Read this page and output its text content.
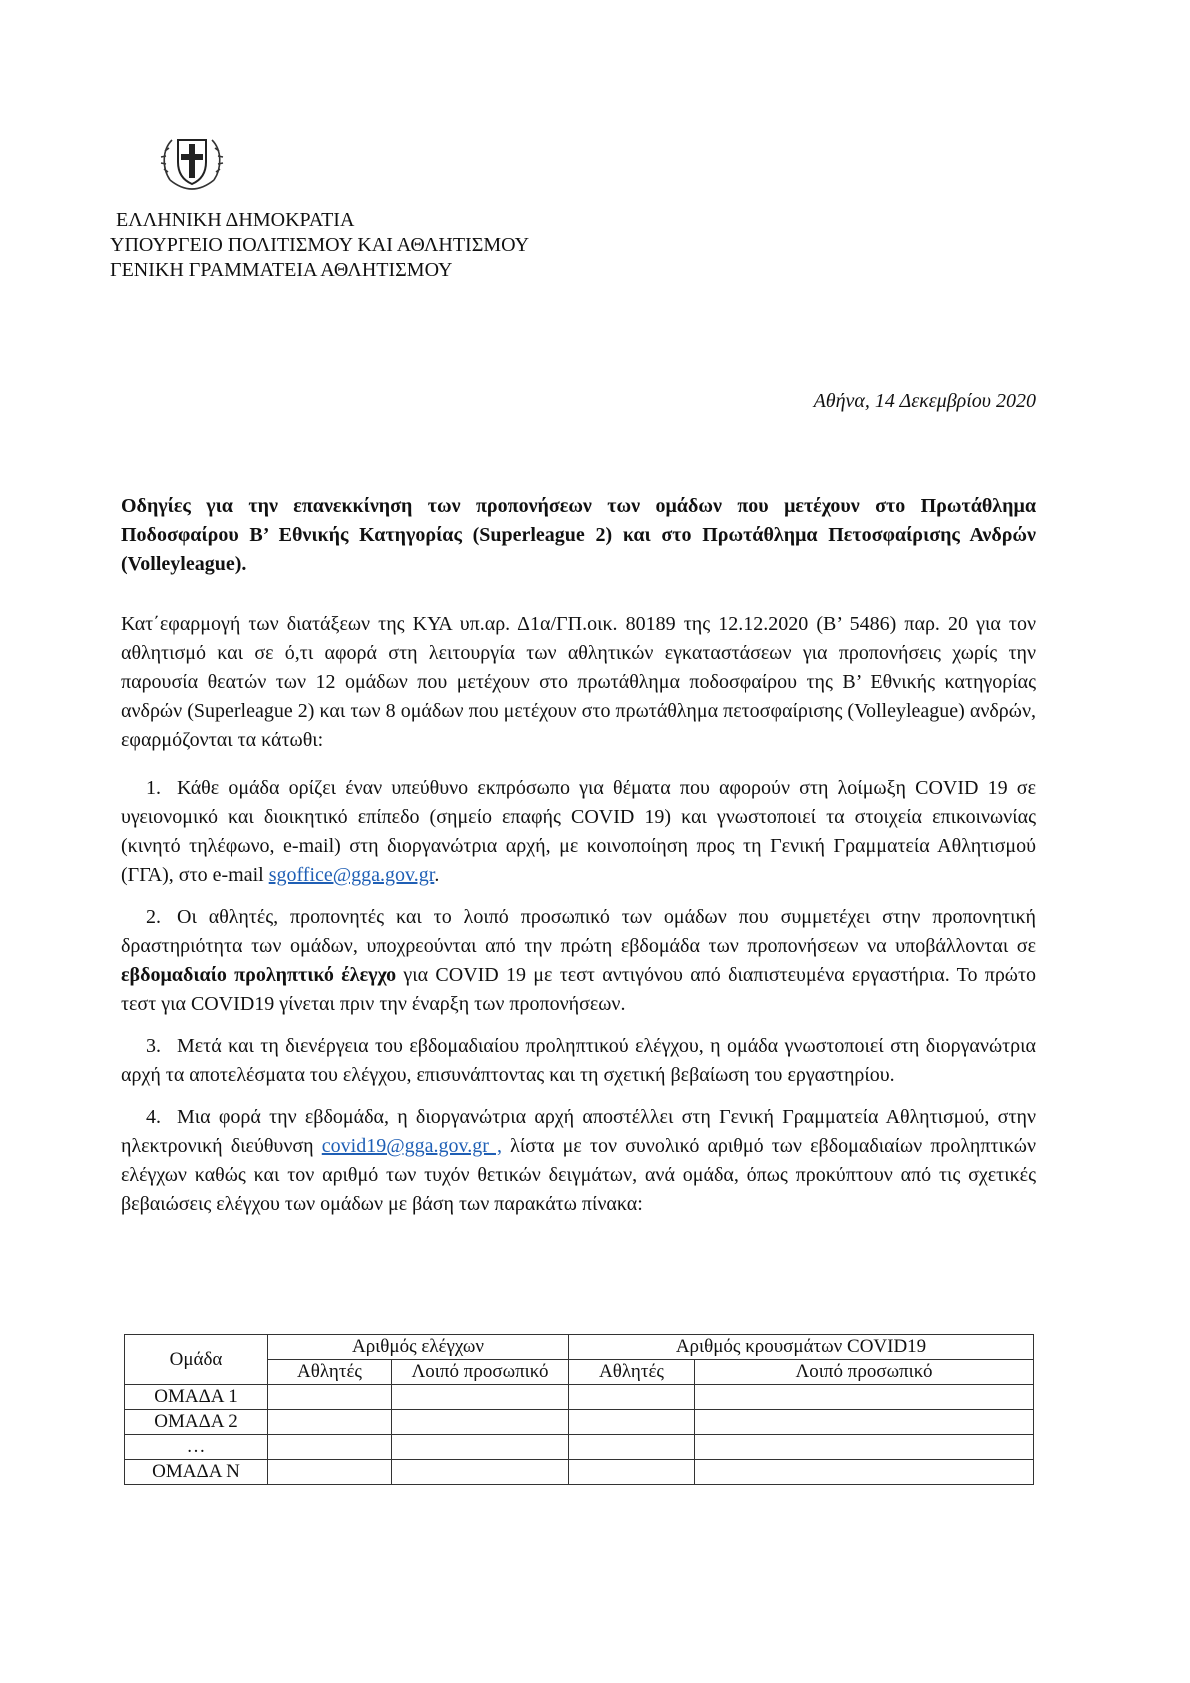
ΕΛΛΗΝΙΚΗ ΔΗΜΟΚΡΑΤΙΑ
ΥΠΟΥΡΓΕΙΟ ΠΟΛΙΤΙΣΜΟΥ ΚΑΙ ΑΘΛΗΤΙΣΜΟΥ
ΓΕΝΙΚΗ ΓΡΑΜΜΑΤΕΙΑ ΑΘΛΗΤΙΣΜΟΥ
Αθήνα, 14 Δεκεμβρίου 2020
Οδηγίες για την επανεκκίνηση των προπονήσεων των ομάδων που μετέχουν στο Πρωτάθλημα Ποδοσφαίρου Β’ Εθνικής Κατηγορίας (Superleague 2) και στο Πρωτάθλημα Πετοσφαίρισης Ανδρών (Volleyleague).
Κατ΄εφαρμογή των διατάξεων της ΚΥΑ υπ.αρ. Δ1α/ΓΠ.οικ. 80189 της 12.12.2020 (Β’ 5486) παρ. 20 για τον αθλητισμό και σε ό,τι αφορά στη λειτουργία των αθλητικών εγκαταστάσεων για προπονήσεις χωρίς την παρουσία θεατών των 12 ομάδων που μετέχουν στο πρωτάθλημα ποδοσφαίρου της Β’ Εθνικής κατηγορίας ανδρών (Superleague 2) και των 8 ομάδων που μετέχουν στο πρωτάθλημα πετοσφαίρισης (Volleyleague) ανδρών, εφαρμόζονται τα κάτωθι:
1. Κάθε ομάδα ορίζει έναν υπεύθυνο εκπρόσωπο για θέματα που αφορούν στη λοίμωξη COVID 19 σε υγειονομικό και διοικητικό επίπεδο (σημείο επαφής COVID 19) και γνωστοποιεί τα στοιχεία επικοινωνίας (κινητό τηλέφωνο, e-mail) στη διοργανώτρια αρχή, με κοινοποίηση προς τη Γενική Γραμματεία Αθλητισμού (ΓΓΑ), στο e-mail sgoffice@gga.gov.gr.
2. Οι αθλητές, προπονητές και το λοιπό προσωπικό των ομάδων που συμμετέχει στην προπονητική δραστηριότητα των ομάδων, υποχρεούνται από την πρώτη εβδομάδα των προπονήσεων να υποβάλλονται σε εβδομαδιαίο προληπτικό έλεγχο για COVID 19 με τεστ αντιγόνου από διαπιστευμένα εργαστήρια. Το πρώτο τεστ για COVID19 γίνεται πριν την έναρξη των προπονήσεων.
3. Μετά και τη διενέργεια του εβδομαδιαίου προληπτικού ελέγχου, η ομάδα γνωστοποιεί στη διοργανώτρια αρχή τα αποτελέσματα του ελέγχου, επισυνάπτοντας και τη σχετική βεβαίωση του εργαστηρίου.
4. Μια φορά την εβδομάδα, η διοργανώτρια αρχή αποστέλλει στη Γενική Γραμματεία Αθλητισμού, στην ηλεκτρονική διεύθυνση covid19@gga.gov.gr , λίστα με τον συνολικό αριθμό των εβδομαδιαίων προληπτικών ελέγχων καθώς και τον αριθμό των τυχόν θετικών δειγμάτων, ανά ομάδα, όπως προκύπτουν από τις σχετικές βεβαιώσεις ελέγχου των ομάδων με βάση των παρακάτω πίνακα:
Ομάδα	Αριθμός ελέγχων	Αριθμός κρουσμάτων COVID19
Αθλητές	Λοιπό προσωπικό	Αθλητές	Λοιπό προσωπικό
ΟΜΑΔΑ 1				
ΟΜΑΔΑ 2				
…				
ΟΜΑΔΑ Ν				
